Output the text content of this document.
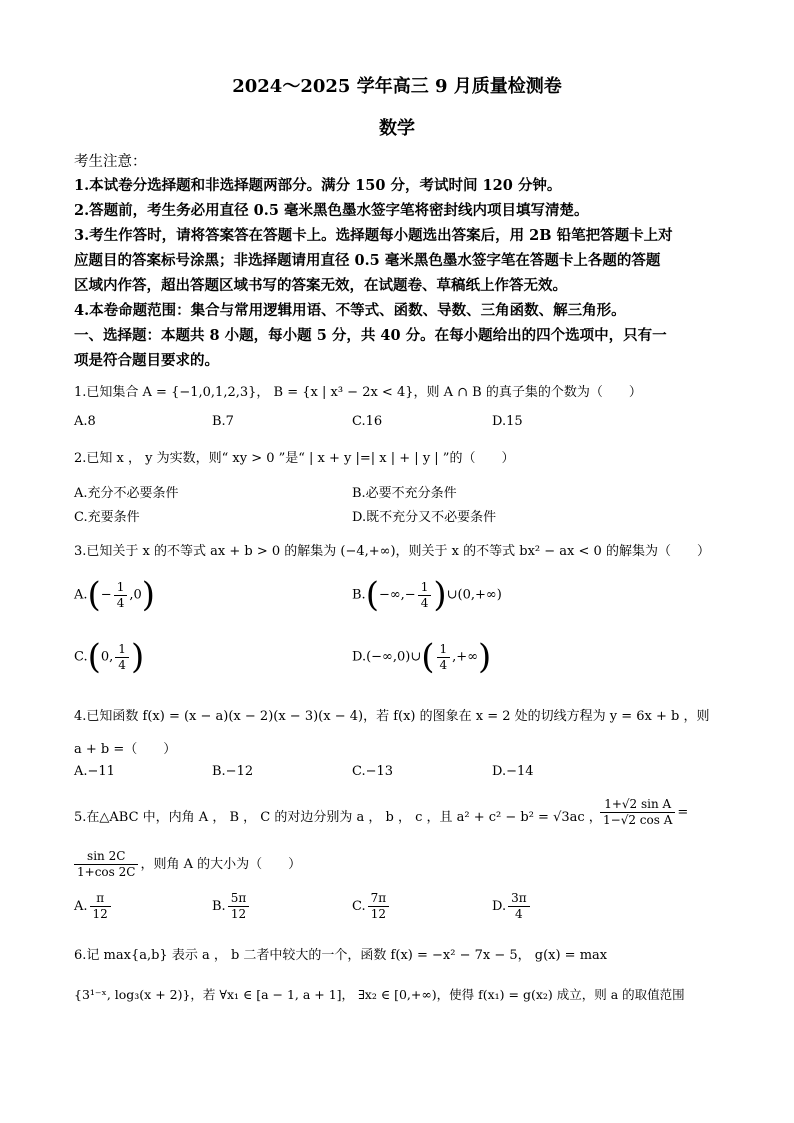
2024～2025 学年高三 9 月质量检测卷
数学
考生注意：
1.本试卷分选择题和非选择题两部分。满分 150 分，考试时间 120 分钟。
2.答题前，考生务必用直径 0.5 毫米黑色墨水签字笔将密封线内项目填写清楚。
3.考生作答时，请将答案答在答题卡上。选择题每小题选出答案后，用 2B 铅笔把答题卡上对
应题目的答案标号涂黑；非选择题请用直径 0.5 毫米黑色墨水签字笔在答题卡上各题的答题
区域内作答，超出答题区域书写的答案无效，在试题卷、草稿纸上作答无效。
4.本卷命题范围：集合与常用逻辑用语、不等式、函数、导数、三角函数、解三角形。
一、选择题：本题共 8 小题，每小题 5 分，共 40 分。在每小题给出的四个选项中，只有一
项是符合题目要求的。
1.已知集合 A = {−1,0,1,2,3}， B = {x | x³ − 2x < 4}，则 A ∩ B 的真子集的个数为（　　）
A.8	B.7	C.16	D.15
2.已知 x ， y 为实数，则“ xy > 0 ”是“ | x + y |=| x | + | y | ”的（　　）
A.充分不必要条件	B.必要不充分条件
C.充要条件	D.既不充分又不必要条件
3.已知关于 x 的不等式 ax + b > 0 的解集为 (−4,+∞)，则关于 x 的不等式 bx² − ax < 0 的解集为（　　）
$A.(- \frac{1}{4} ,0)$	$B.(-\infty,- \frac{1}{4}$ )∪(0,+∞)
C.(0, $\frac{1}{4}$ )	D.(−∞,0)∪( $\frac{1}{4}$ ,+∞)
4.已知函数 f(x) = (x − a)(x − 2)(x − 3)(x − 4)，若 f(x) 的图象在 x = 2 处的切线方程为 y = 6x + b ，则
a + b =（　　）
A.−11	B.−12	C.−13	D.−14
5.在△ABC 中，内角 A ， B ， C 的对边分别为 a ， b ， c ，且 a² + c² − b² = √3ac ，
$\frac{\text{1+√2 sin A}}{\text{1−√2 cos A}}$ =
$\frac{\sin 2C}{1+\cos 2C}$ ，则角 A 的大小为（　　）
A. $\frac{\pi}{12}$	B. $\frac{5\pi}{12}$	C. $\frac{7\pi}{12}$	D. $\frac{3\pi}{4}$
6.记 max{a,b} 表示 a ， b 二者中较大的一个，函数 f(x) = −x² − 7x − 5， g(x) = max
{3¹⁻ˣ, log₃(x + 2)}，若 ∀x₁ ∈ [a − 1, a + 1]， ∃x₂ ∈ [0,+∞)，使得 f(x₁) = g(x₂) 成立，则 a 的取值范围
